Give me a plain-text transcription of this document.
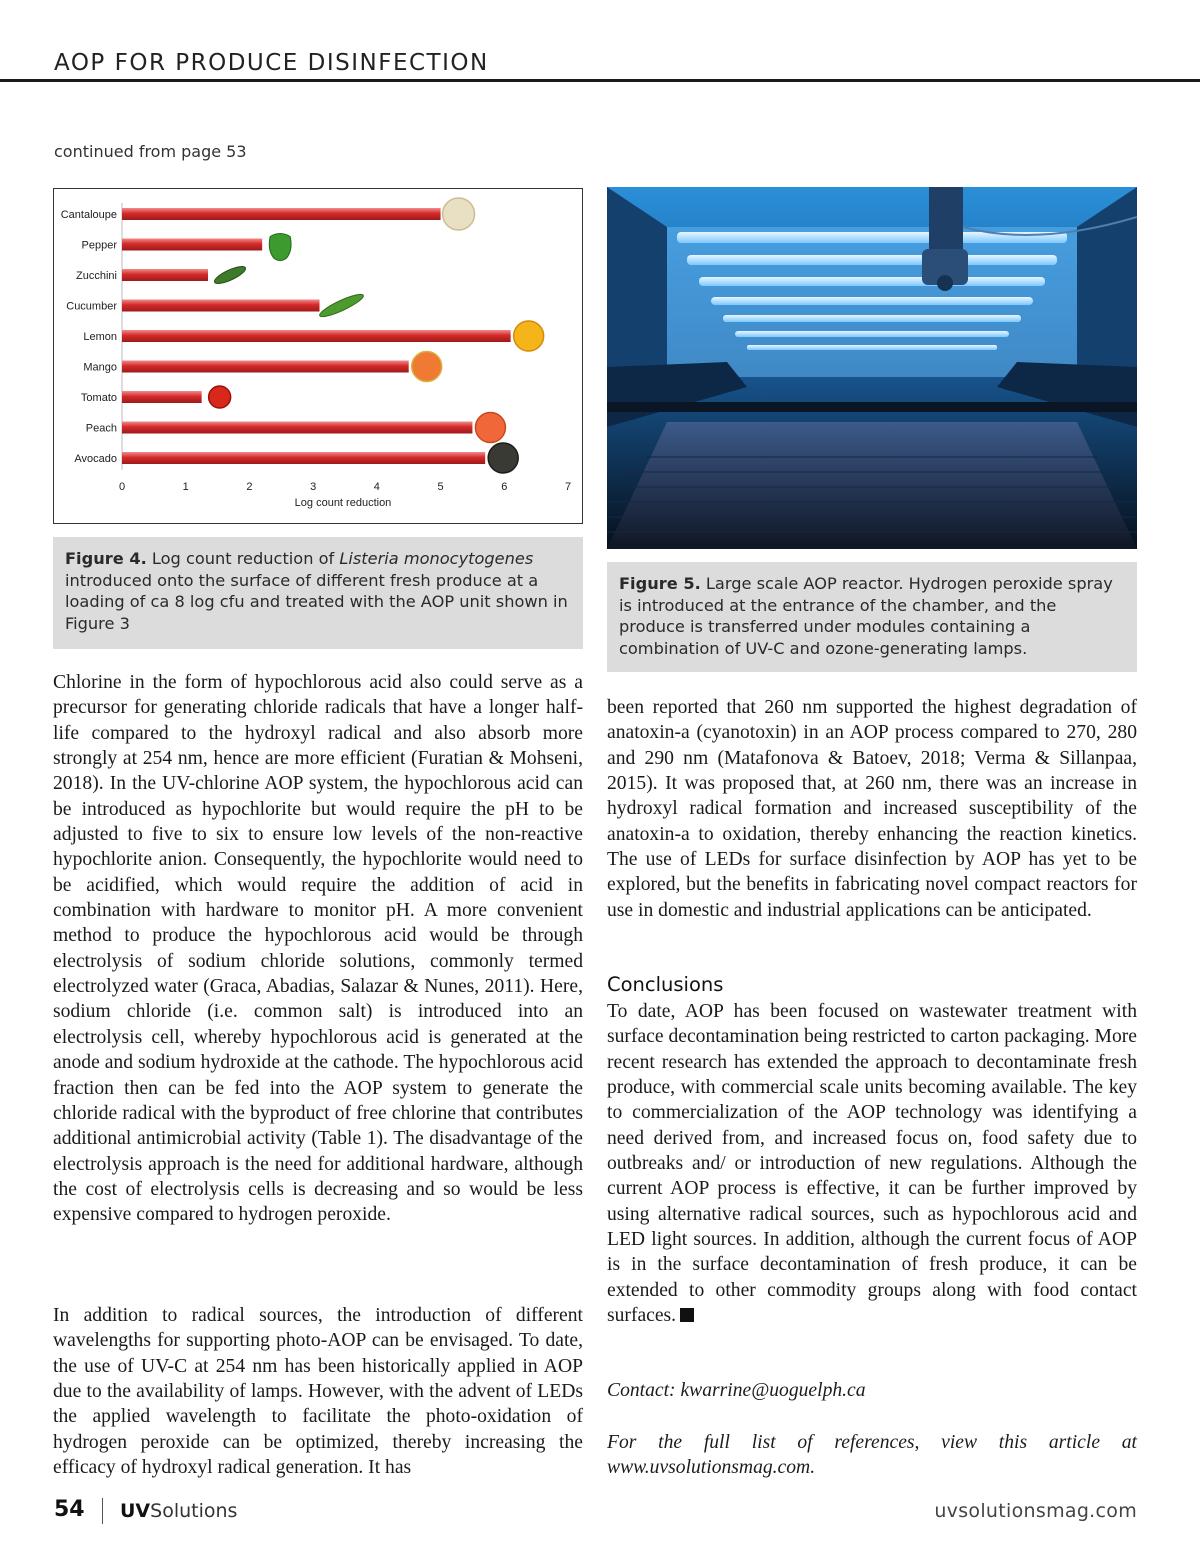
AOP FOR PRODUCE DISINFECTION
continued from page 53
Cantaloupe
Pepper
Zucchini
Cucumber
Lemon
Mango
Tomato
Peach
Avocado
0	1	2	3	4	5	6	7
Log count reduction
Figure 4. Log count reduction of Listeria monocytogenes introduced onto the surface of different fresh produce at a loading of ca 8 log cfu and treated with the AOP unit shown in Figure 3
Figure 5. Large scale AOP reactor. Hydrogen peroxide spray is introduced at the entrance of the chamber, and the produce is transferred under modules containing a combination of UV-C and ozone-generating lamps.

Chlorine in the form of hypochlorous acid also could serve as a precursor for generating chloride radicals that have a longer half-life compared to the hydroxyl radical and also absorb more strongly at 254 nm, hence are more efficient (Furatian & Mohseni, 2018). In the UV-chlorine AOP system, the hypochlorous acid can be introduced as hypochlorite but would require the pH to be adjusted to five to six to ensure low levels of the non-reactive hypochlorite anion. Consequently, the hypochlorite would need to be acidified, which would require the addition of acid in combination with hardware to monitor pH. A more convenient method to produce the hypochlorous acid would be through electrolysis of sodium chloride solutions, commonly termed electrolyzed water (Graca, Abadias, Salazar & Nunes, 2011). Here, sodium chloride (i.e. common salt) is introduced into an electrolysis cell, whereby hypochlorous acid is generated at the anode and sodium hydroxide at the cathode. The hypochlorous acid fraction then can be fed into the AOP system to generate the chloride radical with the byproduct of free chlorine that contributes additional antimicrobial activity (Table 1). The disadvantage of the electrolysis approach is the need for additional hardware, although the cost of electrolysis cells is decreasing and so would be less expensive compared to hydrogen peroxide.

In addition to radical sources, the introduction of different wavelengths for supporting photo-AOP can be envisaged. To date, the use of UV-C at 254 nm has been historically applied in AOP due to the availability of lamps. However, with the advent of LEDs the applied wavelength to facilitate the photo-oxidation of hydrogen peroxide can be optimized, thereby increasing the efficacy of hydroxyl radical generation. It has

been reported that 260 nm supported the highest degradation of anatoxin-a (cyanotoxin) in an AOP process compared to 270, 280 and 290 nm (Matafonova & Batoev, 2018; Verma & Sillanpaa, 2015). It was proposed that, at 260 nm, there was an increase in hydroxyl radical formation and increased susceptibility of the anatoxin-a to oxidation, thereby enhancing the reaction kinetics. The use of LEDs for surface disinfection by AOP has yet to be explored, but the benefits in fabricating novel compact reactors for use in domestic and industrial applications can be anticipated.

Conclusions

To date, AOP has been focused on wastewater treatment with surface decontamination being restricted to carton packaging. More recent research has extended the approach to decontaminate fresh produce, with commercial scale units becoming available. The key to commercialization of the AOP technology was identifying a need derived from, and increased focus on, food safety due to outbreaks and/ or introduction of new regulations. Although the current AOP process is effective, it can be further improved by using alternative radical sources, such as hypochlorous acid and LED light sources. In addition, although the current focus of AOP is in the surface decontamination of fresh produce, it can be extended to other commodity groups along with food contact surfaces.

Contact: kwarrine@uoguelph.ca
For the full list of references, view this article at
www.uvsolutionsmag.com.
54 UVSolutions	uvsolutionsmag.com
